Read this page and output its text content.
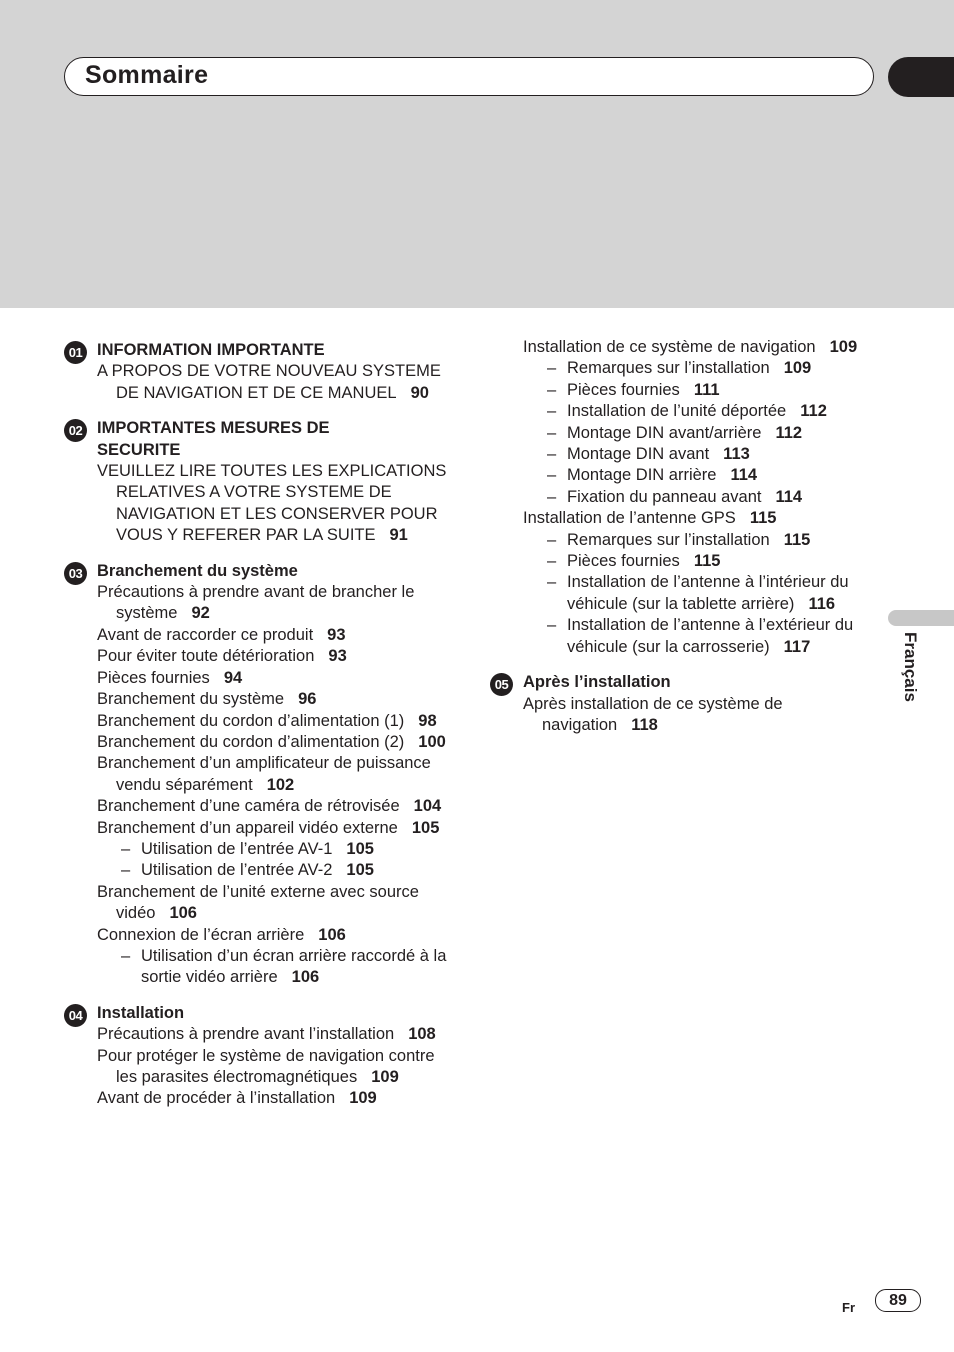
Sommaire
Français
01 INFORMATION IMPORTANTE
A PROPOS DE VOTRE NOUVEAU SYSTEME DE NAVIGATION ET DE CE MANUEL 90
02 IMPORTANTES MESURES DE
SECURITE
VEUILLEZ LIRE TOUTES LES EXPLICATIONS RELATIVES A VOTRE SYSTEME DE NAVIGATION ET LES CONSERVER POUR VOUS Y REFERER PAR LA SUITE 91
03 Branchement du système
Précautions à prendre avant de brancher le système 92
Avant de raccorder ce produit 93
Pour éviter toute détérioration 93
Pièces fournies 94
Branchement du système 96
Branchement du cordon d’alimentation (1) 98
Branchement du cordon d’alimentation (2) 100
Branchement d’un amplificateur de puissance vendu séparément 102
Branchement d’une caméra de rétrovisée 104
Branchement d’un appareil vidéo externe 105
– Utilisation de l’entrée AV-1 105
– Utilisation de l’entrée AV-2 105
Branchement de l’unité externe avec source vidéo 106
Connexion de l’écran arrière 106
– Utilisation d’un écran arrière raccordé à la sortie vidéo arrière 106
04 Installation
Précautions à prendre avant l’installation 108
Pour protéger le système de navigation contre les parasites électromagnétiques 109
Avant de procéder à l’installation 109
Installation de ce système de navigation 109
– Remarques sur l’installation 109
– Pièces fournies 111
– Installation de l’unité déportée 112
– Montage DIN avant/arrière 112
– Montage DIN avant 113
– Montage DIN arrière 114
– Fixation du panneau avant 114
Installation de l’antenne GPS 115
– Remarques sur l’installation 115
– Pièces fournies 115
– Installation de l’antenne à l’intérieur du véhicule (sur la tablette arrière) 116
– Installation de l’antenne à l’extérieur du véhicule (sur la carrosserie) 117
05 Après l’installation
Après installation de ce système de navigation 118
Fr	89
